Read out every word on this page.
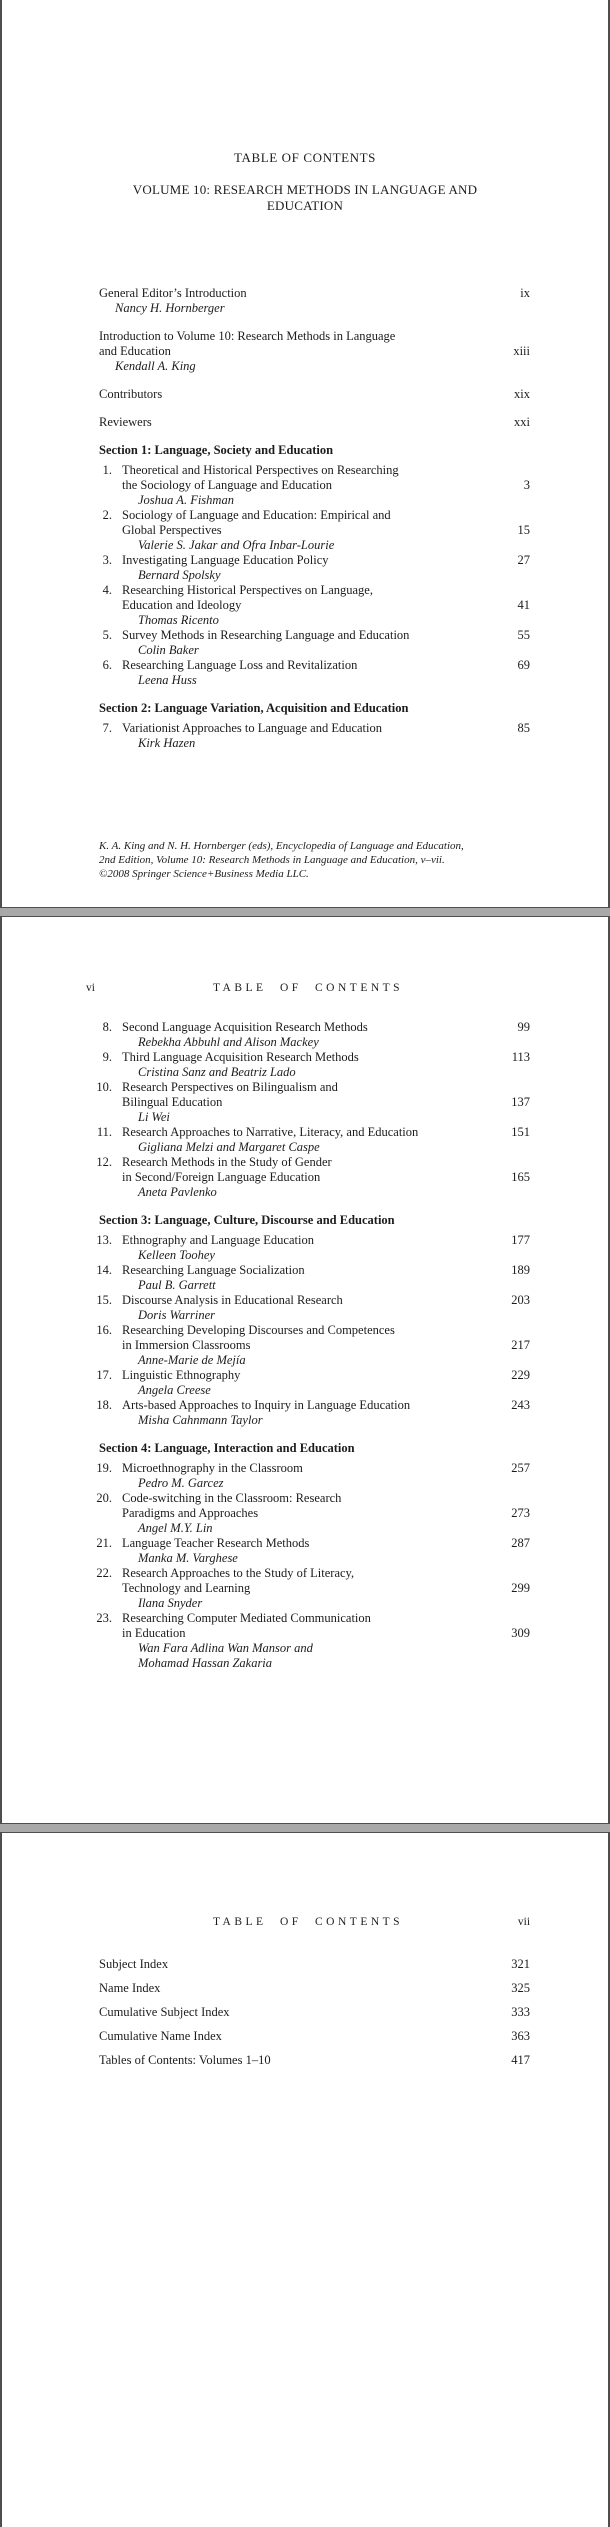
TABLE OF CONTENTS
VOLUME 10: RESEARCH METHODS IN LANGUAGE AND EDUCATION
General Editor’s Introduction	ix
Nancy H. Hornberger
Introduction to Volume 10: Research Methods in Language
and Education	xiii
Kendall A. King
Contributors	xix
Reviewers	xxi
Section 1: Language, Society and Education
1. Theoretical and Historical Perspectives on Researching
the Sociology of Language and Education	3
Joshua A. Fishman
2. Sociology of Language and Education: Empirical and
Global Perspectives	15
Valerie S. Jakar and Ofra Inbar-Lourie
3. Investigating Language Education Policy	27
Bernard Spolsky
4. Researching Historical Perspectives on Language,
Education and Ideology	41
Thomas Ricento
5. Survey Methods in Researching Language and Education	55
Colin Baker
6. Researching Language Loss and Revitalization	69
Leena Huss
Section 2: Language Variation, Acquisition and Education
7. Variationist Approaches to Language and Education	85
Kirk Hazen
K. A. King and N. H. Hornberger (eds), Encyclopedia of Language and Education,
2nd Edition, Volume 10: Research Methods in Language and Education, v–vii.
©2008 Springer Science+Business Media LLC.
vi	TABLE OF CONTENTS
8. Second Language Acquisition Research Methods	99
Rebekha Abbuhl and Alison Mackey
9. Third Language Acquisition Research Methods	113
Cristina Sanz and Beatriz Lado
10. Research Perspectives on Bilingualism and
Bilingual Education	137
Li Wei
11. Research Approaches to Narrative, Literacy, and Education	151
Gigliana Melzi and Margaret Caspe
12. Research Methods in the Study of Gender
in Second/Foreign Language Education	165
Aneta Pavlenko
Section 3: Language, Culture, Discourse and Education
13. Ethnography and Language Education	177
Kelleen Toohey
14. Researching Language Socialization	189
Paul B. Garrett
15. Discourse Analysis in Educational Research	203
Doris Warriner
16. Researching Developing Discourses and Competences
in Immersion Classrooms	217
Anne-Marie de Mejía
17. Linguistic Ethnography	229
Angela Creese
18. Arts-based Approaches to Inquiry in Language Education	243
Misha Cahnmann Taylor
Section 4: Language, Interaction and Education
19. Microethnography in the Classroom	257
Pedro M. Garcez
20. Code-switching in the Classroom: Research
Paradigms and Approaches	273
Angel M.Y. Lin
21. Language Teacher Research Methods	287
Manka M. Varghese
22. Research Approaches to the Study of Literacy,
Technology and Learning	299
Ilana Snyder
23. Researching Computer Mediated Communication
in Education	309
Wan Fara Adlina Wan Mansor and
Mohamad Hassan Zakaria
TABLE OF CONTENTS	vii
Subject Index	321
Name Index	325
Cumulative Subject Index	333
Cumulative Name Index	363
Tables of Contents: Volumes 1–10	417
